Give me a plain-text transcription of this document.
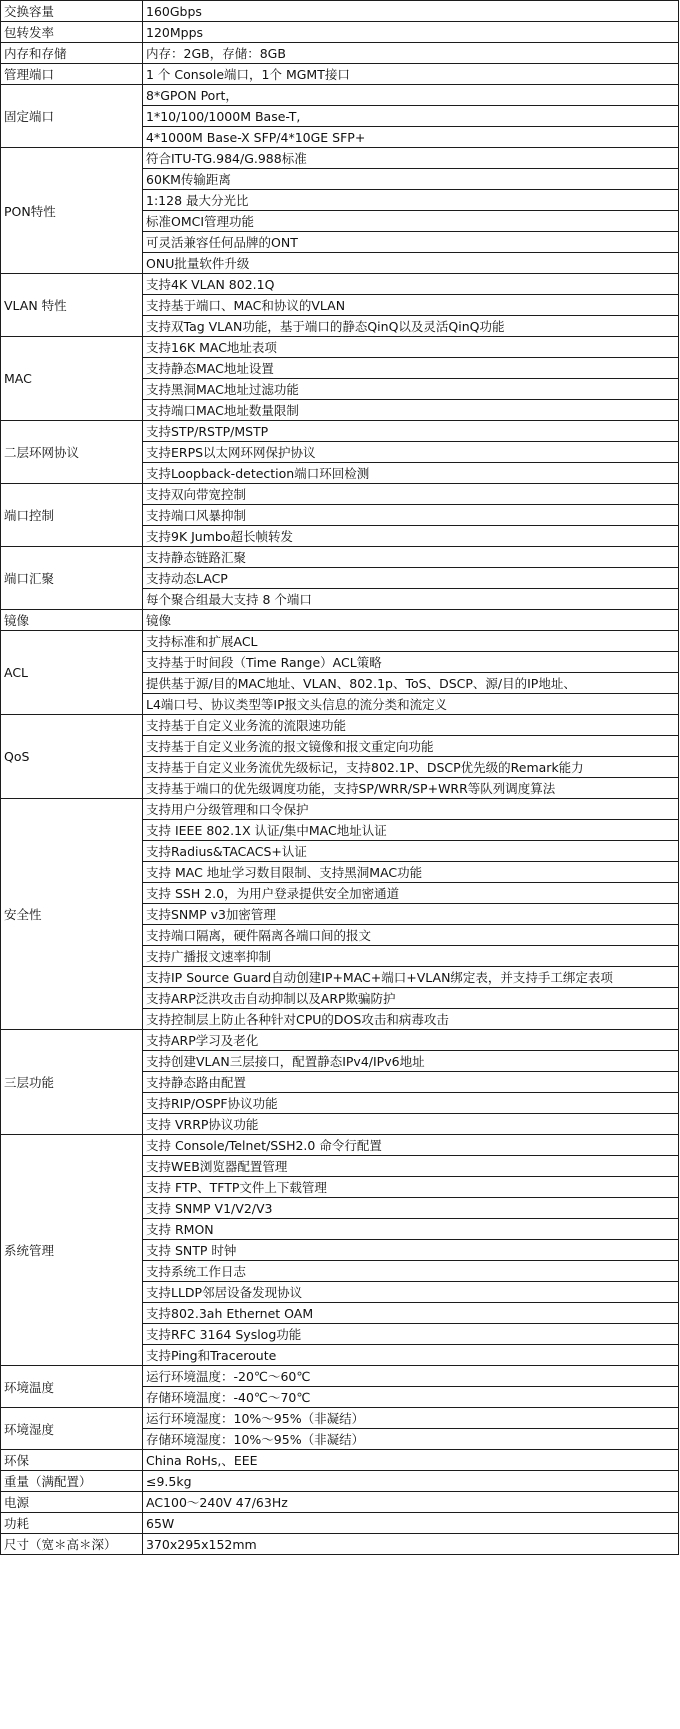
交换容量	160Gbps
包转发率	120Mpps
内存和存储	内存：2GB，存储：8GB
管理端口	1 个 Console端口，1个 MGMT接口
固定端口	8*GPON Port，
	1*10/100/1000M Base-T,
	4*1000M Base-X SFP/4*10GE SFP+
PON特性	符合ITU-TG.984/G.988标准
	60KM传输距离
	1:128 最大分光比
	标准OMCI管理功能
	可灵活兼容任何品牌的ONT
	ONU批量软件升级
VLAN 特性	支持4K VLAN 802.1Q
	支持基于端口、MAC和协议的VLAN
	支持双Tag VLAN功能，基于端口的静态QinQ以及灵活QinQ功能
MAC	支持16K MAC地址表项
	支持静态MAC地址设置
	支持黑洞MAC地址过滤功能
	支持端口MAC地址数量限制
二层环网协议	支持STP/RSTP/MSTP
	支持ERPS以太网环网保护协议
	支持Loopback-detection端口环回检测
端口控制	支持双向带宽控制
	支持端口风暴抑制
	支持9K Jumbo超长帧转发
端口汇聚	支持静态链路汇聚
	支持动态LACP
	每个聚合组最大支持 8 个端口
镜像	镜像
ACL	支持标准和扩展ACL
	支持基于时间段（Time Range）ACL策略
	提供基于源/目的MAC地址、VLAN、802.1p、ToS、DSCP、源/目的IP地址、
	L4端口号、协议类型等IP报文头信息的流分类和流定义
QoS	支持基于自定义业务流的流限速功能
	支持基于自定义业务流的报文镜像和报文重定向功能
	支持基于自定义业务流优先级标记，支持802.1P、DSCP优先级的Remark能力
	支持基于端口的优先级调度功能，支持SP/WRR/SP+WRR等队列调度算法
安全性	支持用户分级管理和口令保护
	支持 IEEE 802.1X 认证/集中MAC地址认证
	支持Radius&TACACS+认证
	支持 MAC 地址学习数目限制、支持黑洞MAC功能
	支持 SSH 2.0，为用户登录提供安全加密通道
	支持SNMP v3加密管理
	支持端口隔离，硬件隔离各端口间的报文
	支持广播报文速率抑制
	支持IP Source Guard自动创建IP+MAC+端口+VLAN绑定表，并支持手工绑定表项
	支持ARP泛洪攻击自动抑制以及ARP欺骗防护
	支持控制层上防止各种针对CPU的DOS攻击和病毒攻击
三层功能	支持ARP学习及老化
	支持创建VLAN三层接口，配置静态IPv4/IPv6地址
	支持静态路由配置
	支持RIP/OSPF协议功能
	支持 VRRP协议功能
系统管理	支持 Console/Telnet/SSH2.0 命令行配置
	支持WEB浏览器配置管理
	支持 FTP、TFTP文件上下载管理
	支持 SNMP V1/V2/V3
	支持 RMON
	支持 SNTP 时钟
	支持系统工作日志
	支持LLDP邻居设备发现协议
	支持802.3ah Ethernet OAM
	支持RFC 3164 Syslog功能
	支持Ping和Traceroute
环境温度	运行环境温度：-20℃～60℃
	存储环境温度：-40℃～70℃
环境湿度	运行环境湿度：10%～95%（非凝结）
	存储环境湿度：10%～95%（非凝结）
环保	China RoHs,、EEE
重量（满配置）	≤9.5kg
电源	AC100～240V 47/63Hz
功耗	65W
尺寸（宽＊高＊深）	370x295x152mm
